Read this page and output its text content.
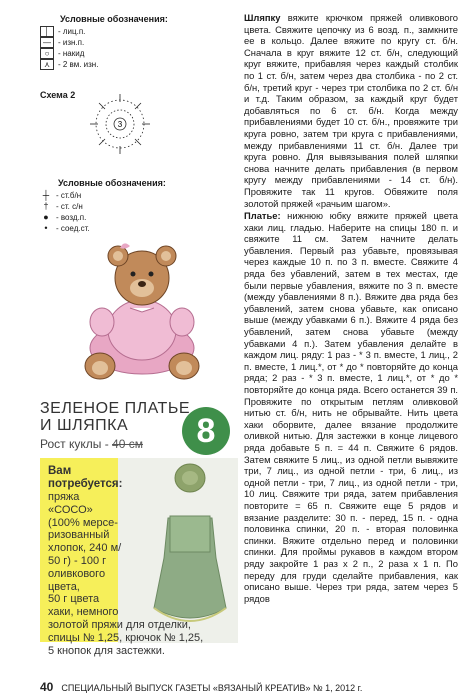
Условные обозначения:
│	- лиц.п.
— - изн.п.
○	- накид
⋏	- 2 вм. изн.
Схема 2
3
Условные обозначения:
┼ - ст.б/н
† - ст. с/н
● - возд.п.
•	- соед.ст.
ЗЕЛЕНОЕ ПЛАТЬЕ
И ШЛЯПКА
Рост куклы - 40 см	8
Вам
потребуется:
пряжа
«СОСО»
(100% мерсе-
ризованный
хлопок, 240 м/
50 г) - 100 г
оливкового
цвета,
50 г цвета
хаки, немного
золотой пряжи для отделки,
спицы № 1,25, крючок № 1,25,
5 кнопок для застежки.

Шляпку вяжите крючком пряжей оливкового цвета. Свяжите цепочку из 6 возд. п., замкните ее в кольцо. Далее вяжите по кругу ст. б/н. Сначала в круг вяжите 12 ст. б/н, следующий круг вяжите, прибавляя через каждый столбик по 1 ст. б/н, затем через два столбика - по 2 ст. б/н, третий круг - через три столбика по 2 ст. б/н и т.д. Таким образом, за каждый круг будет добавляться по 6 ст. б/н. Когда между прибавлениями будет 10 ст. б/н., провяжите три круга ровно, затем три круга с прибавлениями, между прибавлениями 11 ст. б/н. Далее три круга ровно. Для вывязывания полей шляпки снова начните делать прибавления (в первом кругу между прибавлениями - 14 ст. б/н). Провяжите так 11 кругов. Обвяжите поля золотой пряжей «рачьим шагом».

Платье: нижнюю юбку вяжите пряжей цвета хаки лиц. гладью. Наберите на спицы 180 п. и свяжите 11 см. Затем начните делать убавления. Первый раз убавьте, провязывая через каждые 10 п. по 3 п. вместе. Свяжите 4 ряда без убавлений, затем в тех местах, где были первые убавления, вяжите по 3 п. вместе (между убавлениями 8 п.). Вяжите два ряда без убавлений, затем снова убавьте, как описано выше (между убавками 6 п.). Вяжите 4 ряда без убавлений, затем снова убавьте (между убавками 4 п.). Затем убавления делайте в каждом лиц. ряду: 1 раз - * 3 п. вместе, 1 лиц., 2 п. вместе, 1 лиц.*, от * до * повторяйте до конца ряда; 2 раз - * 3 п. вместе, 1 лиц.*, от * до * повторяйте до конца ряда. Всего останется 39 п. Провяжите по открытым петлям оливковой нитью ст. б/н, нить не обрывайте. Нить цвета хаки оборвите, далее вязание продолжите оливкой нитью. Для застежки в конце лицевого ряда добавьте 5 п. = 44 п. Свяжите 6 рядов. Затем свяжите 5 лиц., из одной петли вывяжите три, 7 лиц., из одной петли - три, 6 лиц., из одной петли - три, 7 лиц., из одной петли - три, 10 лиц. Свяжите три ряда, затем прибавления повторите = 65 п. Свяжите еще 5 рядов и вязание разделите: 30 п. - перед, 15 п. - одна половинка спинки, 20 п. - вторая половинка спинки. Вяжите отдельно перед и половинки спинки. Для проймы рукавов в каждом втором ряду закройте 1 раз х 2 п., 2 раза х 1 п. По переду для груди сделайте прибавления, как описано выше. Через три ряда, затем через 5 рядов

40 СПЕЦИАЛЬНЫЙ ВЫПУСК ГАЗЕТЫ «ВЯЗАНЫЙ КРЕАТИВ» № 1, 2012 г.
